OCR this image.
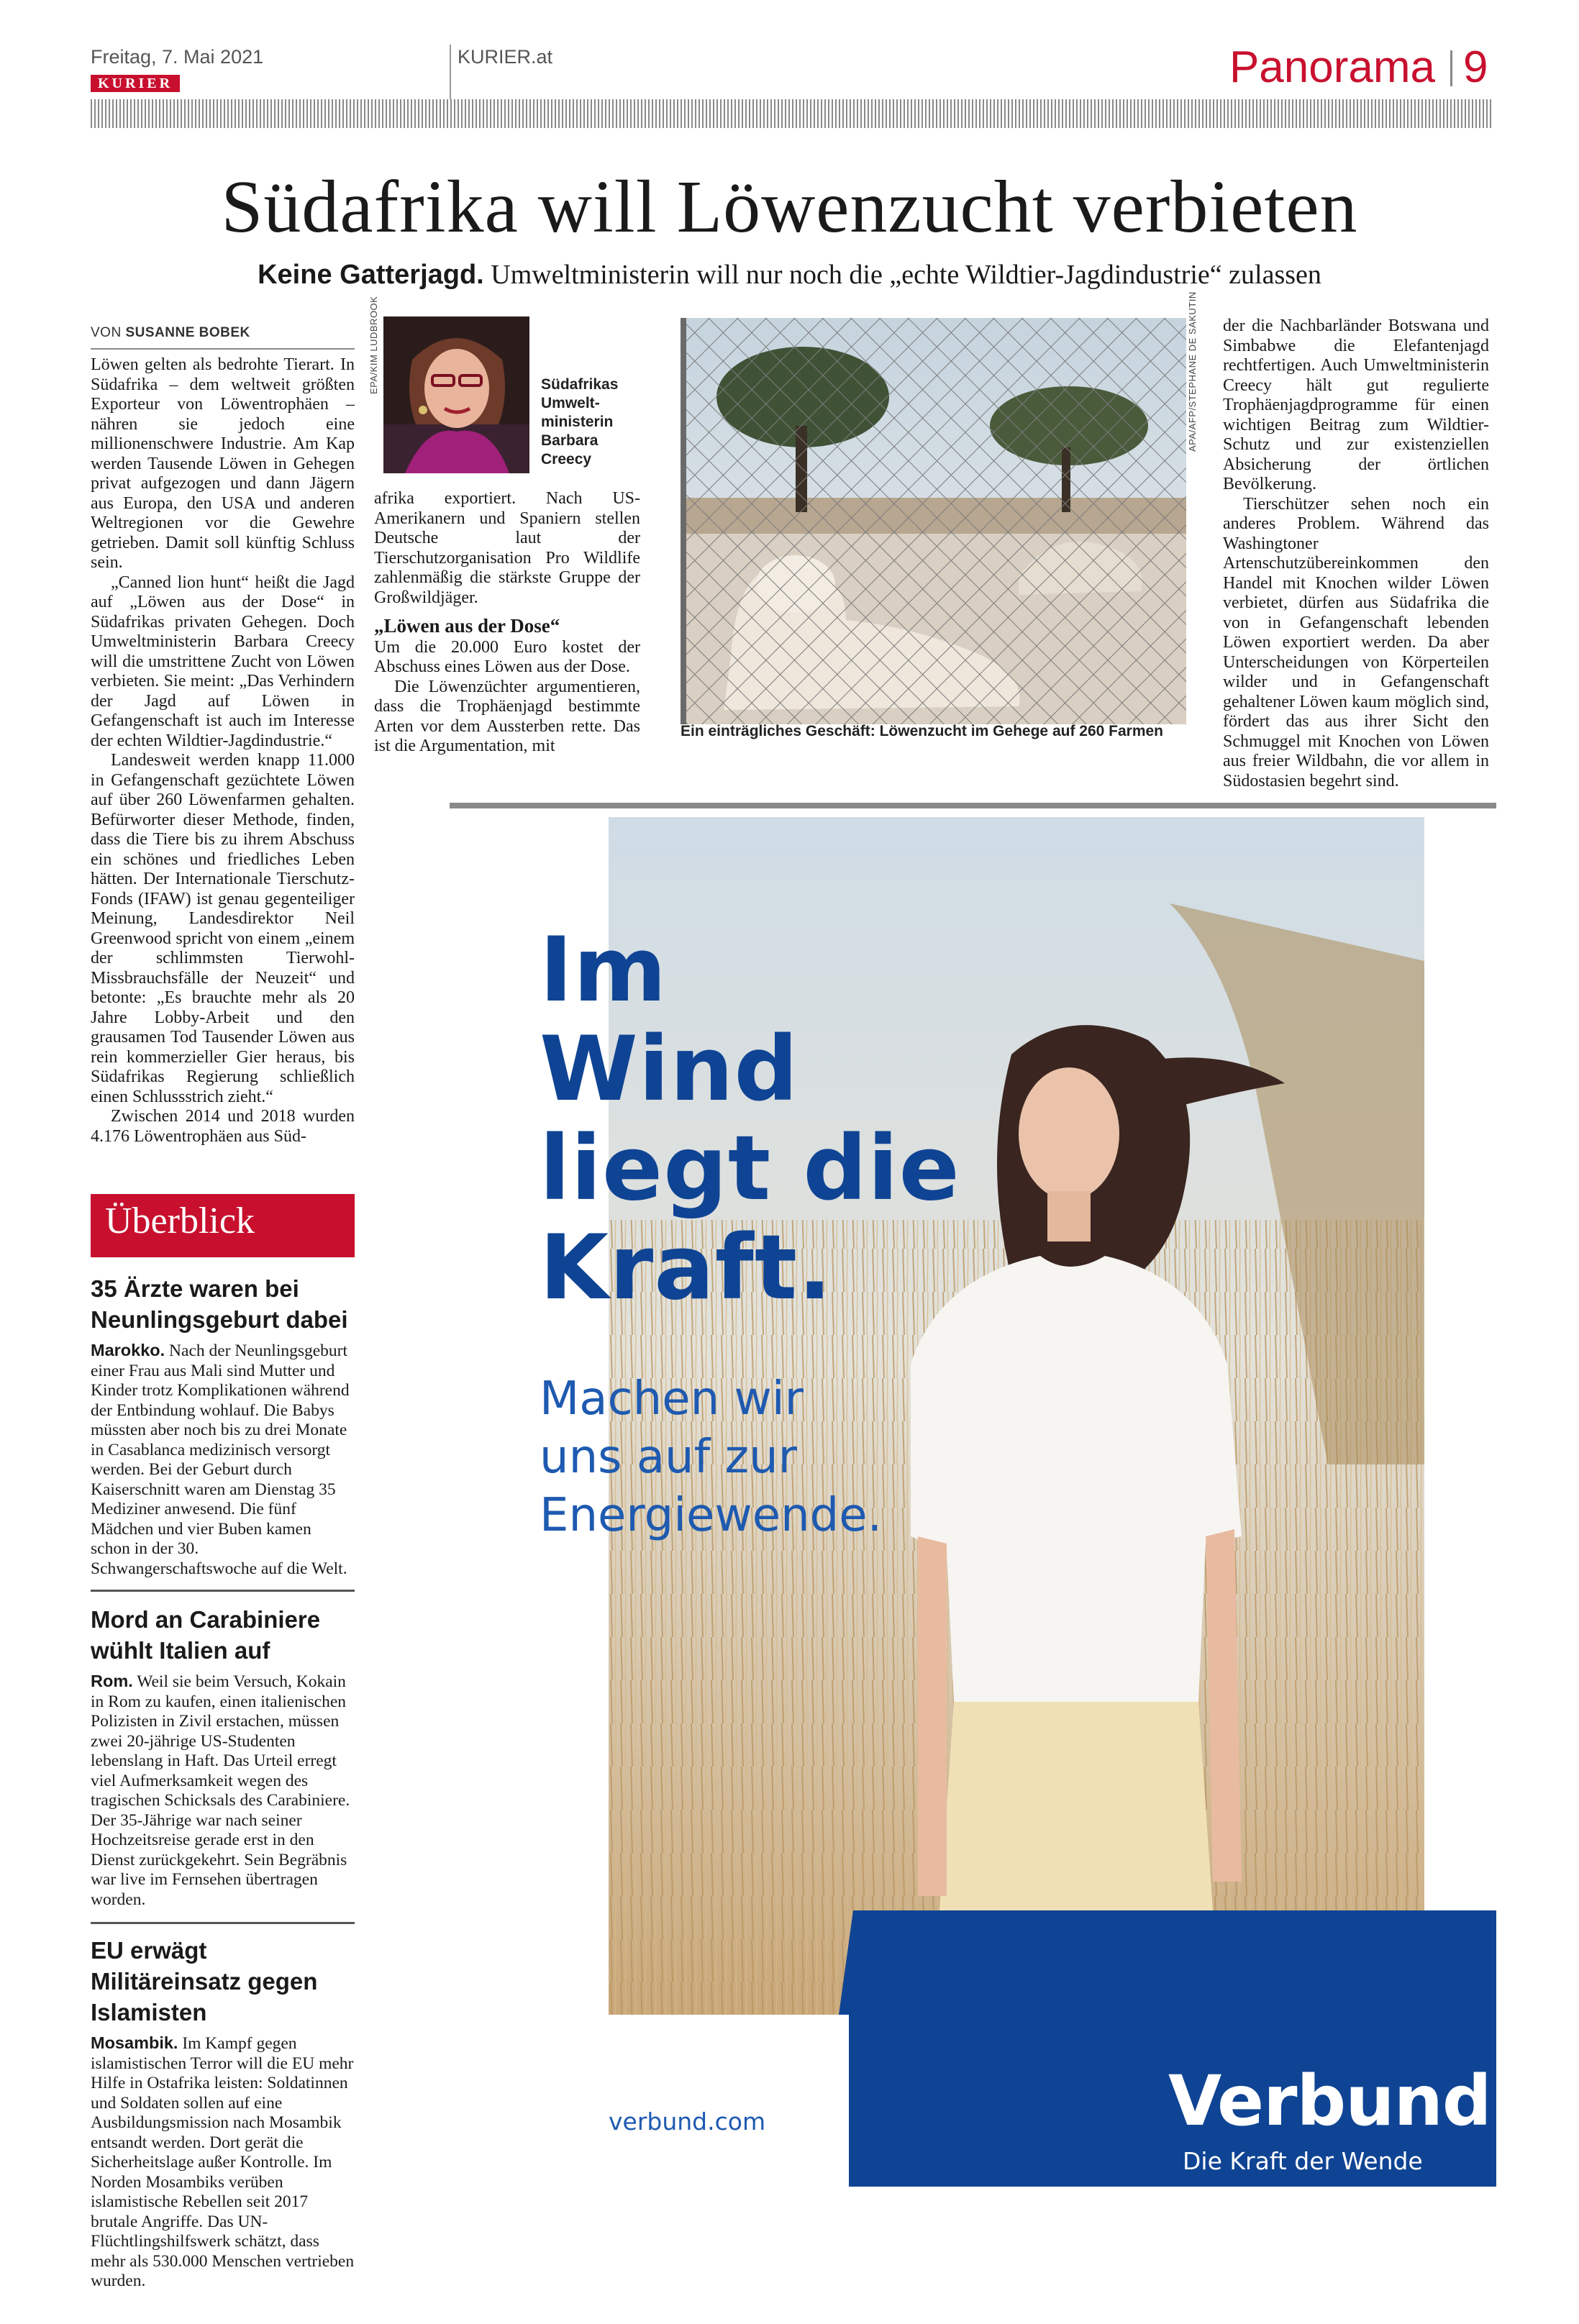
Freitag, 7. Mai 2021
KURIER
KURIER.at	Panorama 9
Südafrika will Löwenzucht verbieten
Keine Gatterjagd. Umweltministerin will nur noch die „echte Wildtier-Jagdindustrie“ zulassen
VON SUSANNE BOBEK

Löwen gelten als bedrohte Tierart. In Südafrika – dem weltweit größten Exporteur von Löwentrophäen – nähren sie jedoch eine millionenschwere Industrie. Am Kap werden Tausende Löwen in Gehegen privat aufgezogen und dann Jägern aus Europa, den USA und anderen Weltregionen vor die Gewehre getrieben. Damit soll künftig Schluss sein.

„Canned lion hunt“ heißt die Jagd auf „Löwen aus der Dose“ in Südafrikas privaten Gehegen. Doch Umweltministerin Barbara Creecy will die umstrittene Zucht von Löwen verbieten. Sie meint: „Das Verhindern der Jagd auf Löwen in Gefangenschaft ist auch im Interesse der echten Wildtier-Jagdindustrie.“

Landesweit werden knapp 11.000 in Gefangenschaft gezüchtete Löwen auf über 260 Löwenfarmen gehalten. Befürworter dieser Methode, finden, dass die Tiere bis zu ihrem Abschuss ein schönes und friedliches Leben hätten. Der Internationale Tierschutz-Fonds (IFAW) ist genau gegenteiliger Meinung, Landesdirektor Neil Greenwood spricht von einem „einem der schlimmsten Tierwohl-Missbrauchsfälle der Neuzeit“ und betonte: „Es brauchte mehr als 20 Jahre Lobby-Arbeit und den grausamen Tod Tausender Löwen aus rein kommerzieller Gier heraus, bis Südafrikas Regierung schließlich einen Schlussstrich zieht.“

Zwischen 2014 und 2018 wurden 4.176 Löwentrophäen aus Süd-

EPA/KIM LUDBROOK	Südafrikas Umweltministerin Barbara Creecy

afrika exportiert. Nach US-Amerikanern und Spaniern stellen Deutsche laut der Tierschutzorganisation Pro Wildlife zahlenmäßig die stärkste Gruppe der Großwildjäger.

„Löwen aus der Dose“

Um die 20.000 Euro kostet der Abschuss eines Löwen aus der Dose.

Die Löwenzüchter argumentieren, dass die Trophäenjagd bestimmte Arten vor dem Aussterben rette. Das ist die Argumentation, mit

APA/AFP/STEPHANE DE SAKUTIN
Ein einträgliches Geschäft: Löwenzucht im Gehege auf 260 Farmen

der die Nachbarländer Botswana und Simbabwe die Elefantenjagd rechtfertigen. Auch Umweltministerin Creecy hält gut regulierte Trophäenjagdprogramme für einen wichtigen Beitrag zum Wildtier-Schutz und zur existenziellen Absicherung der örtlichen Bevölkerung.

Tierschützer sehen noch ein anderes Problem. Während das Washingtoner Artenschutzübereinkommen den Handel mit Knochen wilder Löwen verbietet, dürfen aus Südafrika die von in Gefangenschaft lebenden Löwen exportiert werden. Da aber Unterscheidungen von Körperteilen wilder und in Gefangenschaft gehaltener Löwen kaum möglich sind, fördert das aus ihrer Sicht den Schmuggel mit Knochen von Löwen aus freier Wildbahn, die vor allem in Südostasien begehrt sind.

Überblick
35 Ärzte waren bei Neunlingsgeburt dabei
Marokko. Nach der Neunlingsgeburt einer Frau aus Mali sind Mutter und Kinder trotz Komplikationen während der Entbindung wohlauf. Die Babys müssten aber noch bis zu drei Monate in Casablanca medizinisch versorgt werden. Bei der Geburt durch Kaiserschnitt waren am Dienstag 35 Mediziner anwesend. Die fünf Mädchen und vier Buben kamen schon in der 30. Schwangerschaftswoche auf die Welt.
Mord an Carabiniere wühlt Italien auf
Rom. Weil sie beim Versuch, Kokain in Rom zu kaufen, einen italienischen Polizisten in Zivil erstachen, müssen zwei 20-jährige US-Studenten lebenslang in Haft. Das Urteil erregt viel Aufmerksamkeit wegen des tragischen Schicksals des Carabiniere. Der 35-Jährige war nach seiner Hochzeitsreise gerade erst in den Dienst zurückgekehrt. Sein Begräbnis war live im Fernsehen übertragen worden.
EU erwägt Militäreinsatz gegen Islamisten
Mosambik. Im Kampf gegen islamistischen Terror will die EU mehr Hilfe in Ostafrika leisten: Soldatinnen und Soldaten sollen auf eine Ausbildungsmission nach Mosambik entsandt werden. Dort gerät die Sicherheitslage außer Kontrolle. Im Norden Mosambiks verüben islamistische Rebellen seit 2017 brutale Angriffe. Das UN-Flüchtlingshilfswerk schätzt, dass mehr als 530.000 Menschen vertrieben wurden.
Im
Wind
liegt die
Kraft.
Machen wir
uns auf zur
Energiewende.
verbund.com	Verbund
Die Kraft der Wende
